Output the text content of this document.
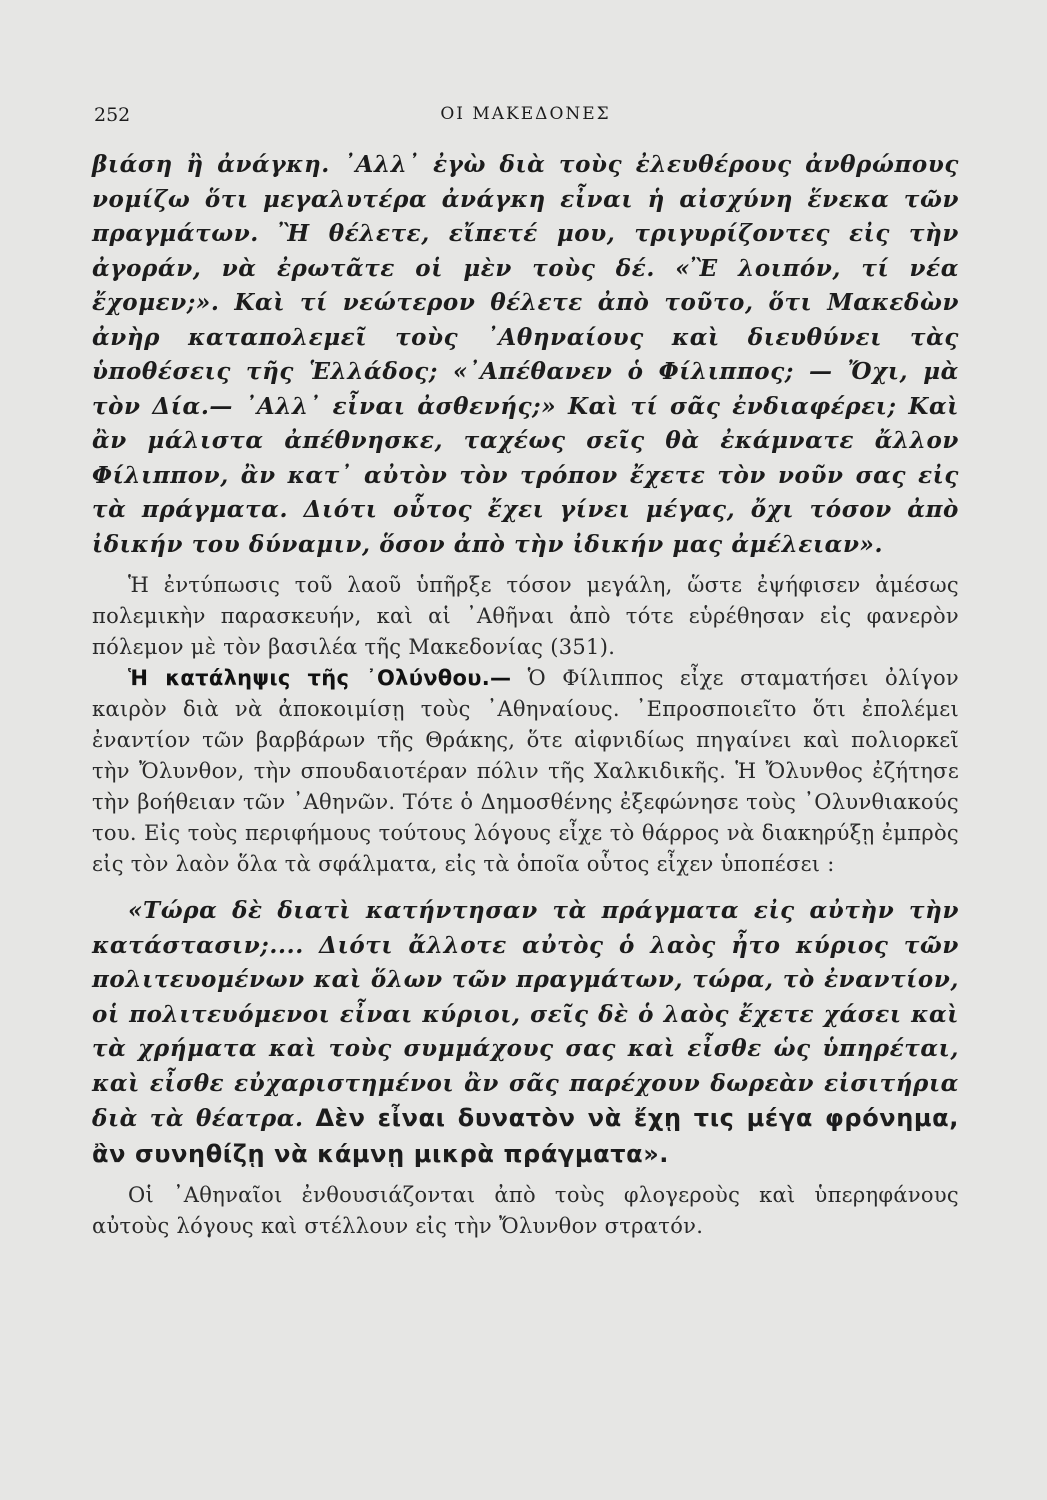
252	ΟΙ ΜΑΚΕΔΟΝΕΣ

βιάση ἢ ἀνάγκη. ᾿Αλλ᾿ ἐγὼ διὰ τοὺς ἐλευθέρους ἀνθρώπους νομίζω ὅτι μεγαλυτέρα ἀνάγκη εἶναι ἡ αἰσχύνη ἕνεκα τῶν πραγμάτων. Ἢ θέλετε, εἴπετέ μου, τριγυρίζοντες εἰς τὴν ἀγοράν, νὰ ἐρωτᾶτε οἱ μὲν τοὺς δέ. «Ἒ λοιπόν, τί νέα ἔχομεν;». Καὶ τί νεώτερον θέλετε ἀπὸ τοῦτο, ὅτι Μακεδὼν ἀνὴρ καταπολεμεῖ τοὺς ᾿Αθηναίους καὶ διευθύνει τὰς ὑποθέσεις τῆς Ἑλλάδος; «᾿Απέθανεν ὁ Φίλιππος; — Ὄχι, μὰ τὸν Δία.— ᾿Αλλ᾿ εἶναι ἀσθενής;» Καὶ τί σᾶς ἐνδιαφέρει; Καὶ ἂν μάλιστα ἀπέθνησκε, ταχέως σεῖς θὰ ἐκάμνατε ἄλλον Φίλιππον, ἂν κατ᾿ αὐτὸν τὸν τρόπον ἔχετε τὸν νοῦν σας εἰς τὰ πράγματα. Διότι οὗτος ἔχει γίνει μέγας, ὄχι τόσον ἀπὸ ἰδικήν του δύναμιν, ὅσον ἀπὸ τὴν ἰδικήν μας ἀμέλειαν».

Ἡ ἐντύπωσις τοῦ λαοῦ ὑπῆρξε τόσον μεγάλη, ὥστε ἐψήφισεν ἀμέσως πολεμικὴν παρασκευήν, καὶ αἱ ᾿Αθῆναι ἀπὸ τότε εὑρέθησαν εἰς φανερὸν πόλεμον μὲ τὸν βασιλέα τῆς Μακεδονίας (351).

Ἡ κατάληψις τῆς ᾿Ολύνθου.— Ὁ Φίλιππος εἶχε σταματήσει ὀλίγον καιρὸν διὰ νὰ ἀποκοιμίσῃ τοὺς ᾿Αθηναίους. ᾿Επροσποιεῖτο ὅτι ἐπολέμει ἐναντίον τῶν βαρβάρων τῆς Θράκης, ὅτε αἰφνιδίως πηγαίνει καὶ πολιορκεῖ τὴν Ὄλυνθον, τὴν σπουδαιοτέραν πόλιν τῆς Χαλκιδικῆς. Ἡ Ὄλυνθος ἐζήτησε τὴν βοήθειαν τῶν ᾿Αθηνῶν. Τότε ὁ Δημοσθένης ἐξεφώνησε τοὺς ᾿Ολυνθιακούς του. Εἰς τοὺς περιφήμους τούτους λόγους εἶχε τὸ θάρρος νὰ διακηρύξῃ ἐμπρὸς εἰς τὸν λαὸν ὅλα τὰ σφάλματα, εἰς τὰ ὁποῖα οὗτος εἶχεν ὑποπέσει :

«Τώρα δὲ διατὶ κατήντησαν τὰ πράγματα εἰς αὐτὴν τὴν κατάστασιν;.... Διότι ἄλλοτε αὐτὸς ὁ λαὸς ἦτο κύριος τῶν πολιτευομένων καὶ ὅλων τῶν πραγμάτων, τώρα, τὸ ἐναντίον, οἱ πολιτευόμενοι εἶναι κύριοι, σεῖς δὲ ὁ λαὸς ἔχετε χάσει καὶ τὰ χρήματα καὶ τοὺς συμμάχους σας καὶ εἶσθε ὡς ὑπηρέται, καὶ εἶσθε εὐχαριστημένοι ἂν σᾶς παρέχουν δωρεὰν εἰσιτήρια διὰ τὰ θέατρα. Δὲν εἶναι δυνατὸν νὰ ἔχῃ τις μέγα φρόνημα, ἂν συνηθίζῃ νὰ κάμνῃ μικρὰ πράγματα».

Οἱ ᾿Αθηναῖοι ἐνθουσιάζονται ἀπὸ τοὺς φλογεροὺς καὶ ὑπερηφάνους αὐτοὺς λόγους καὶ στέλλουν εἰς τὴν Ὄλυνθον στρατόν.
